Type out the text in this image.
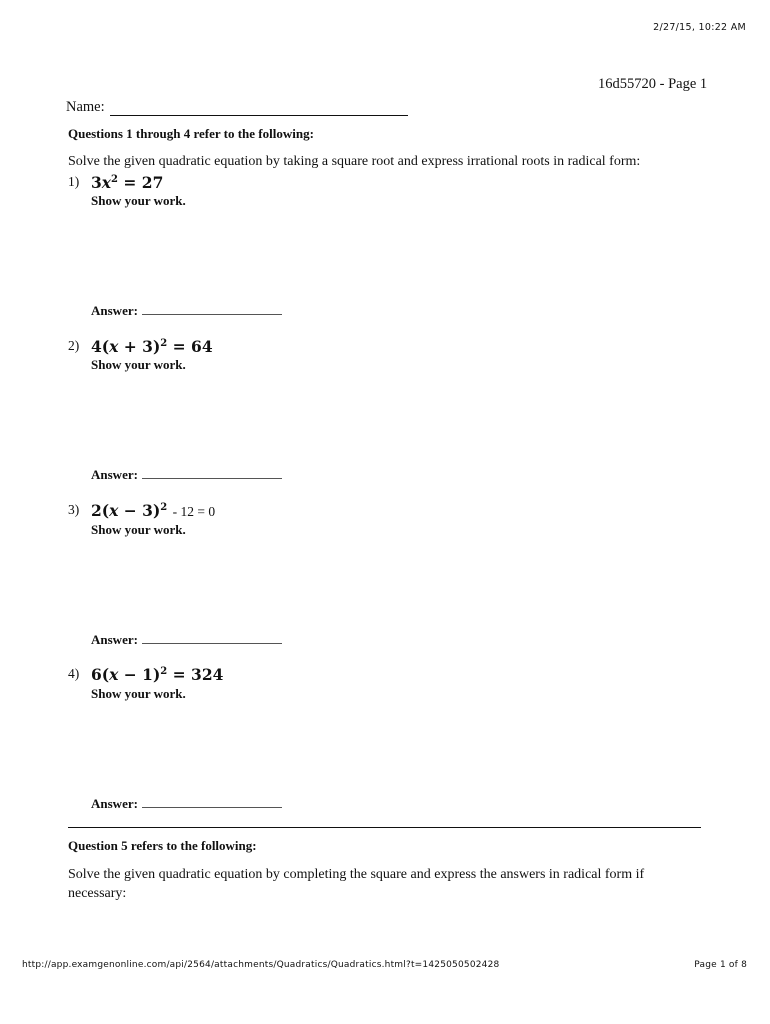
2/27/15, 10:22 AM
16d55720 - Page 1
Name:
Questions 1 through 4 refer to the following:
Solve the given quadratic equation by taking a square root and express irrational roots in radical form:
1) $3x^2 = 27$
Show your work.
Answer:
2) $4(x + 3)^2 = 64$
Show your work.
Answer:
3) $2(x - 3)^2 - 12 = 0$
Show your work.
Answer:
4) $6(x - 1)^2 = 324$
Show your work.
Answer:
Question 5 refers to the following:
Solve the given quadratic equation by completing the square and express the answers in radical form if necessary:
http://app.examgenonline.com/api/2564/attachments/Quadratics/Quadratics.html?t=1425050502428	Page 1 of 8
